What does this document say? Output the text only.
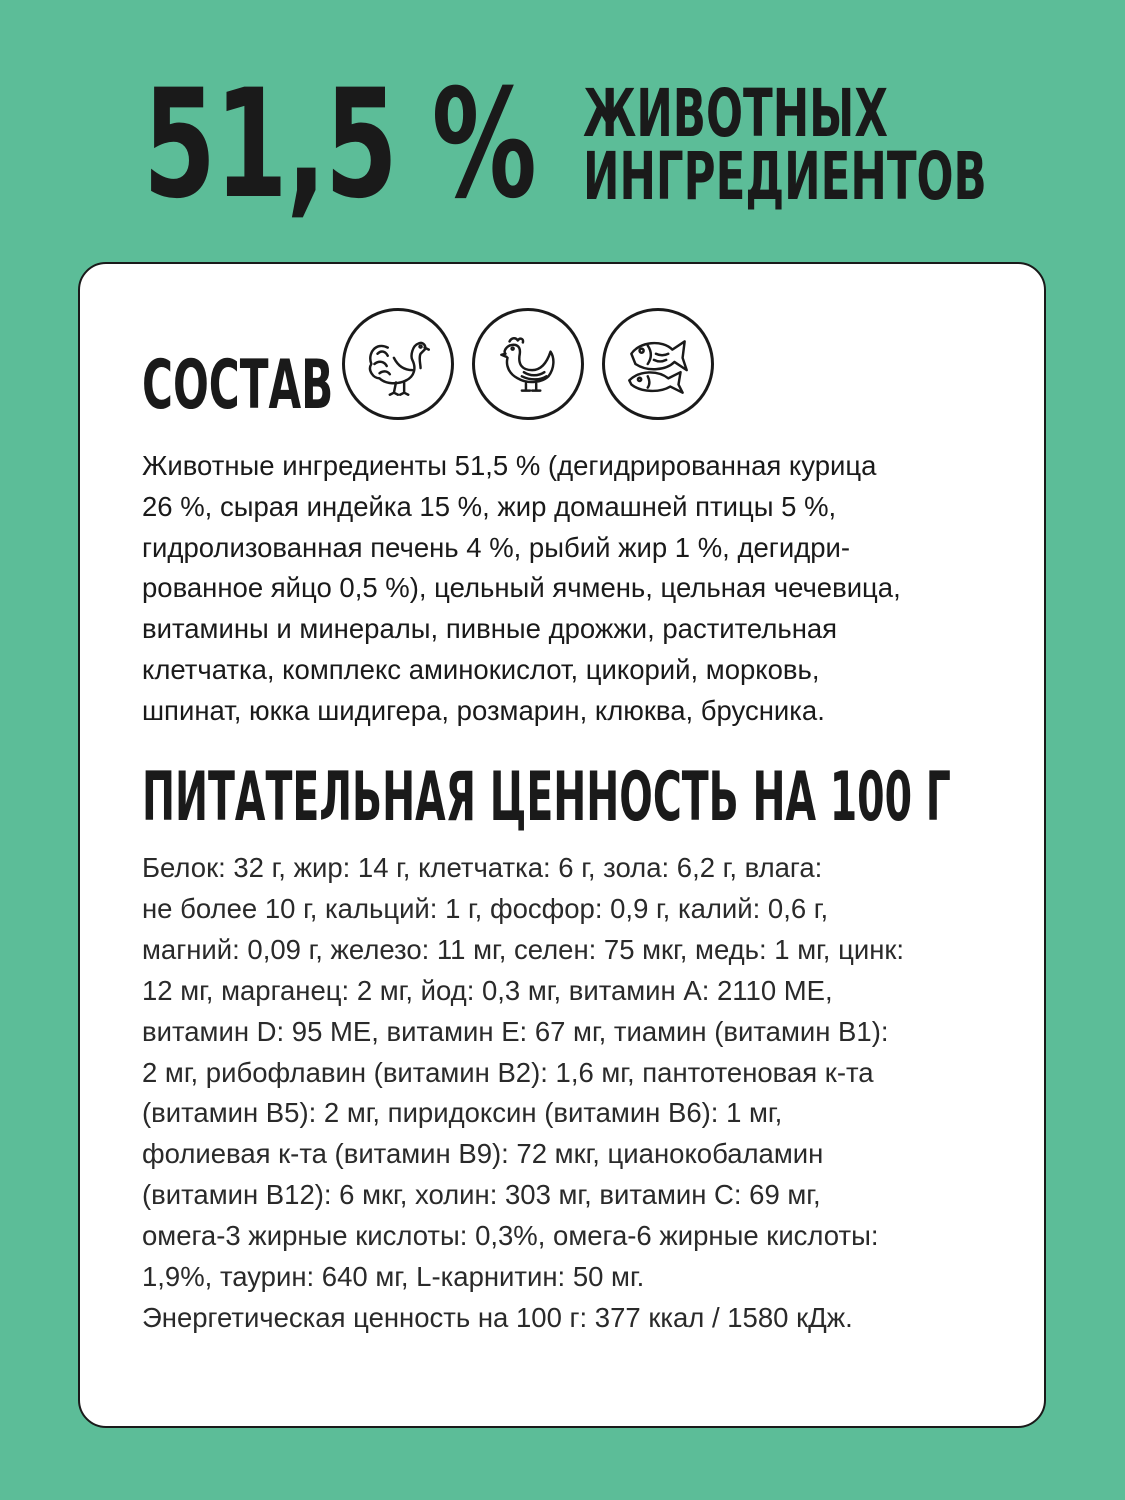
51,5 % ЖИВОТНЫХ
ИНГРЕДИЕНТОВ
СОСТАВ
Животные ингредиенты 51,5 % (дегидрированная курица
26 %, сырая индейка 15 %, жир домашней птицы 5 %,
гидролизованная печень 4 %, рыбий жир 1 %, дегидри-
рованное яйцо 0,5 %), цельный ячмень, цельная чечевица,
витамины и минералы, пивные дрожжи, растительная
клетчатка, комплекс аминокислот, цикорий, морковь,
шпинат, юкка шидигера, розмарин, клюква, брусника.
ПИТАТЕЛЬНАЯ ЦЕННОСТЬ НА 100 Г
Белок: 32 г, жир: 14 г, клетчатка: 6 г, зола: 6,2 г, влага:
не более 10 г, кальций: 1 г, фосфор: 0,9 г, калий: 0,6 г,
магний: 0,09 г, железо: 11 мг, селен: 75 мкг, медь: 1 мг, цинк:
12 мг, марганец: 2 мг, йод: 0,3 мг, витамин А: 2110 МЕ,
витамин D: 95 МЕ, витамин Е: 67 мг, тиамин (витамин В1):
2 мг, рибофлавин (витамин В2): 1,6 мг, пантотеновая к-та
(витамин В5): 2 мг, пиридоксин (витамин В6): 1 мг,
фолиевая к-та (витамин В9): 72 мкг, цианокобаламин
(витамин В12): 6 мкг, холин: 303 мг, витамин С: 69 мг,
омега-3 жирные кислоты: 0,3%, омега-6 жирные кислоты:
1,9%, таурин: 640 мг, L-карнитин: 50 мг.
Энергетическая ценность на 100 г: 377 ккал / 1580 кДж.
